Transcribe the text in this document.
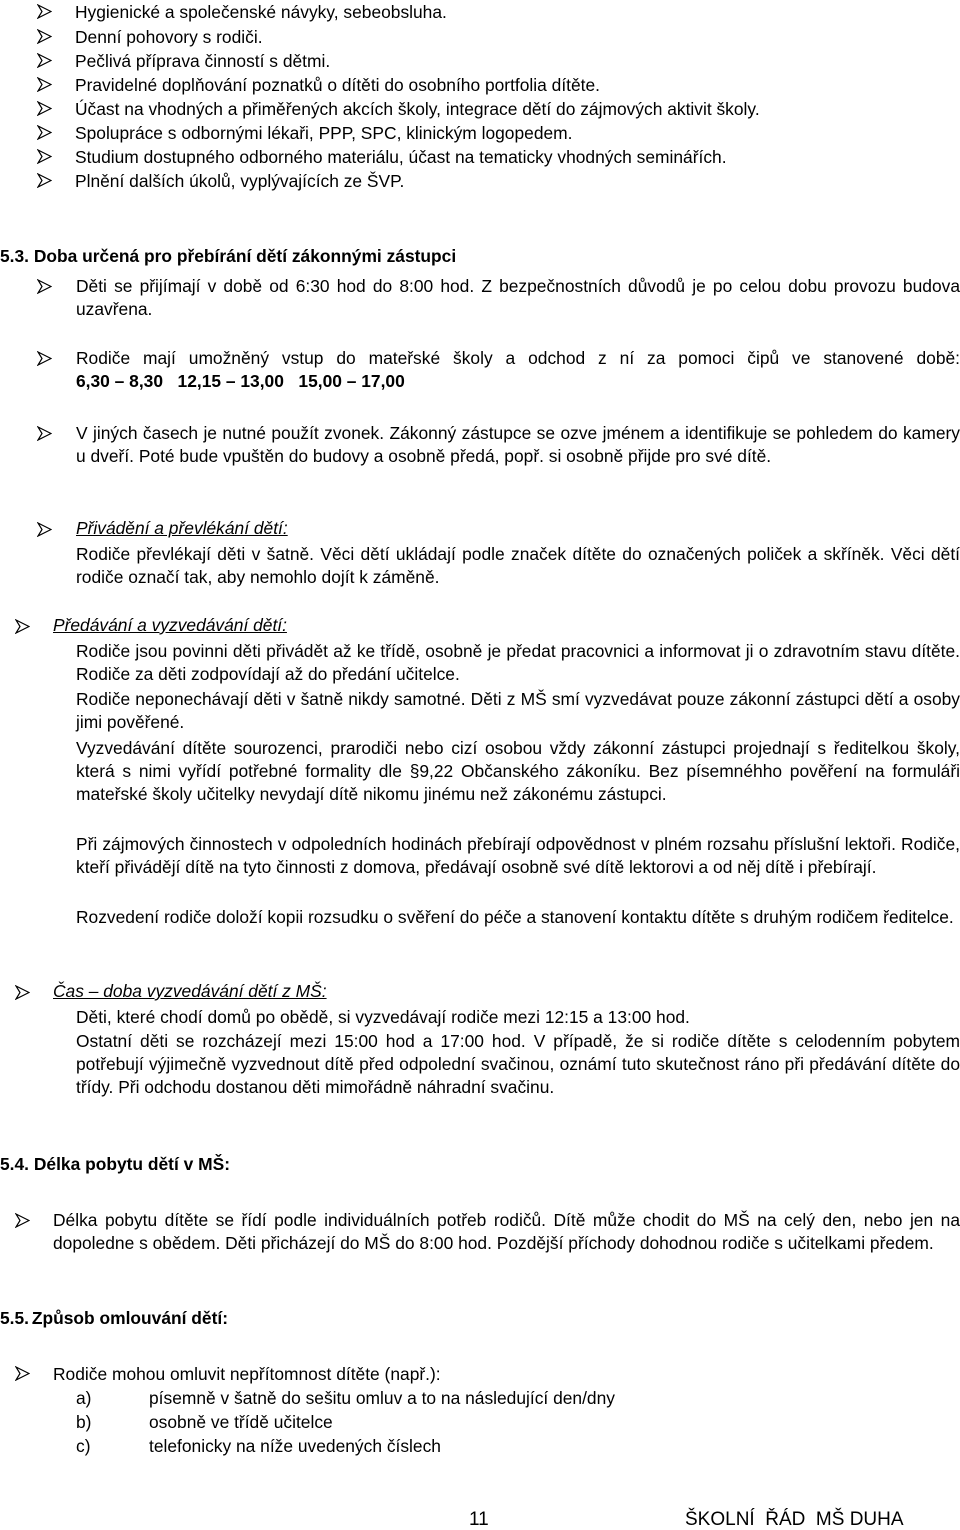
Hygienické a společenské návyky, sebeobsluha.
Denní pohovory s rodiči.
Pečlivá příprava činností s dětmi.
Pravidelné doplňování poznatků o dítěti do osobního portfolia dítěte.
Účast na vhodných a přiměřených akcích školy, integrace dětí do zájmových aktivit školy.
Spolupráce s odbornými lékaři, PPP, SPC, klinickým logopedem.
Studium dostupného odborného materiálu, účast na tematicky vhodných seminářích.
Plnění dalších úkolů, vyplývajících ze ŠVP.
5.3. Doba určená pro přebírání dětí zákonnými zástupci
Děti se přijímají v době od 6:30 hod do 8:00 hod. Z bezpečnostních důvodů je po celou dobu provozu budova uzavřena.
Rodiče mají umožněný vstup do mateřské školy a odchod z ní za pomoci čipů ve stanovené době: 6,30 – 8,30   12,15 – 13,00   15,00 – 17,00
V jiných časech je nutné použít zvonek. Zákonný zástupce se ozve jménem a identifikuje se pohledem do kamery u dveří. Poté bude vpuštěn do budovy a osobně předá, popř. si osobně přijde pro své dítě.
Přivádění a převlékání dětí:
Rodiče převlékají děti v šatně. Věci dětí ukládají podle značek dítěte do označených poliček a skříněk. Věci dětí rodiče označí tak, aby nemohlo dojít k záměně.
Předávání a vyzvedávání dětí:
Rodiče jsou povinni děti přivádět až ke třídě, osobně je předat pracovnici a informovat ji o zdravotním stavu dítěte. Rodiče za děti zodpovídají až do předání učitelce.
Rodiče neponechávají děti v šatně nikdy samotné. Děti z MŠ smí vyzvedávat pouze zákonní zástupci dětí a osoby jimi pověřené.
Vyzvedávání dítěte sourozenci, prarodiči nebo cizí osobou vždy zákonní zástupci projednají s ředitelkou školy, která s nimi vyřídí potřebné formality dle §9,22 Občanského zákoníku. Bez písemnéhho pověření na formuláři mateřské školy učitelky nevydají dítě nikomu jinému než zákonému zástupci.
Při zájmových činnostech v odpoledních hodinách přebírají odpovědnost v plném rozsahu příslušní lektoři. Rodiče, kteří přivádějí dítě na tyto činnosti z domova, předávají osobně své dítě lektorovi a od něj dítě i přebírají.
Rozvedení rodiče doloží kopii rozsudku o svěření do péče a stanovení kontaktu dítěte s druhým rodičem ředitelce.
Čas – doba vyzvedávání dětí z MŠ:
Děti, které chodí domů po obědě, si vyzvedávají rodiče mezi 12:15 a 13:00 hod.
Ostatní děti se rozcházejí mezi 15:00 hod a 17:00 hod. V případě, že si rodiče dítěte s celodenním pobytem potřebují výjimečně vyzvednout dítě před odpolední svačinou, oznámí tuto skutečnost ráno při předávání dítěte do třídy. Při odchodu dostanou děti mimořádně náhradní svačinu.
5.4. Délka pobytu dětí v MŠ:
Délka pobytu dítěte se řídí podle individuálních potřeb rodičů. Dítě může chodit do MŠ na celý den, nebo jen na dopoledne s obědem. Děti přicházejí do MŠ do 8:00 hod. Pozdější příchody dohodnou rodiče s učitelkami předem.
5.5. Způsob omlouvání dětí:
Rodiče mohou omluvit nepřítomnost dítěte (např.):
a)	písemně v šatně do sešitu omluv a to na následující den/dny
b)	osobně ve třídě učitelce
c)	telefonicky na níže uvedených číslech
11	ŠKOLNÍ  ŘÁD  MŠ DUHA
